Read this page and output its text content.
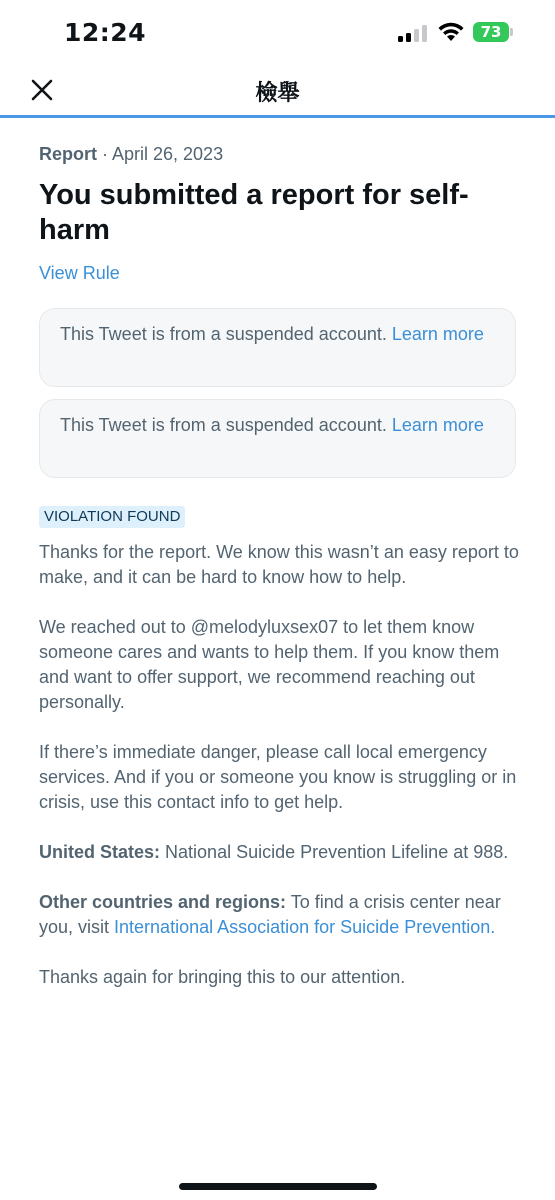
12:24	73
檢舉
Report · April 26, 2023
You submitted a report for self-harm
View Rule
This Tweet is from a suspended account. Learn more
This Tweet is from a suspended account. Learn more
VIOLATION FOUND

Thanks for the report. We know this wasn’t an easy report to make, and it can be hard to know how to help.

We reached out to @melodyluxsex07 to let them know someone cares and wants to help them. If you know them and want to offer support, we recommend reaching out personally.

If there’s immediate danger, please call local emergency services. And if you or someone you know is struggling or in crisis, use this contact info to get help.

United States: National Suicide Prevention Lifeline at 988.

Other countries and regions: To find a crisis center near you, visit International Association for Suicide Prevention.

Thanks again for bringing this to our attention.
